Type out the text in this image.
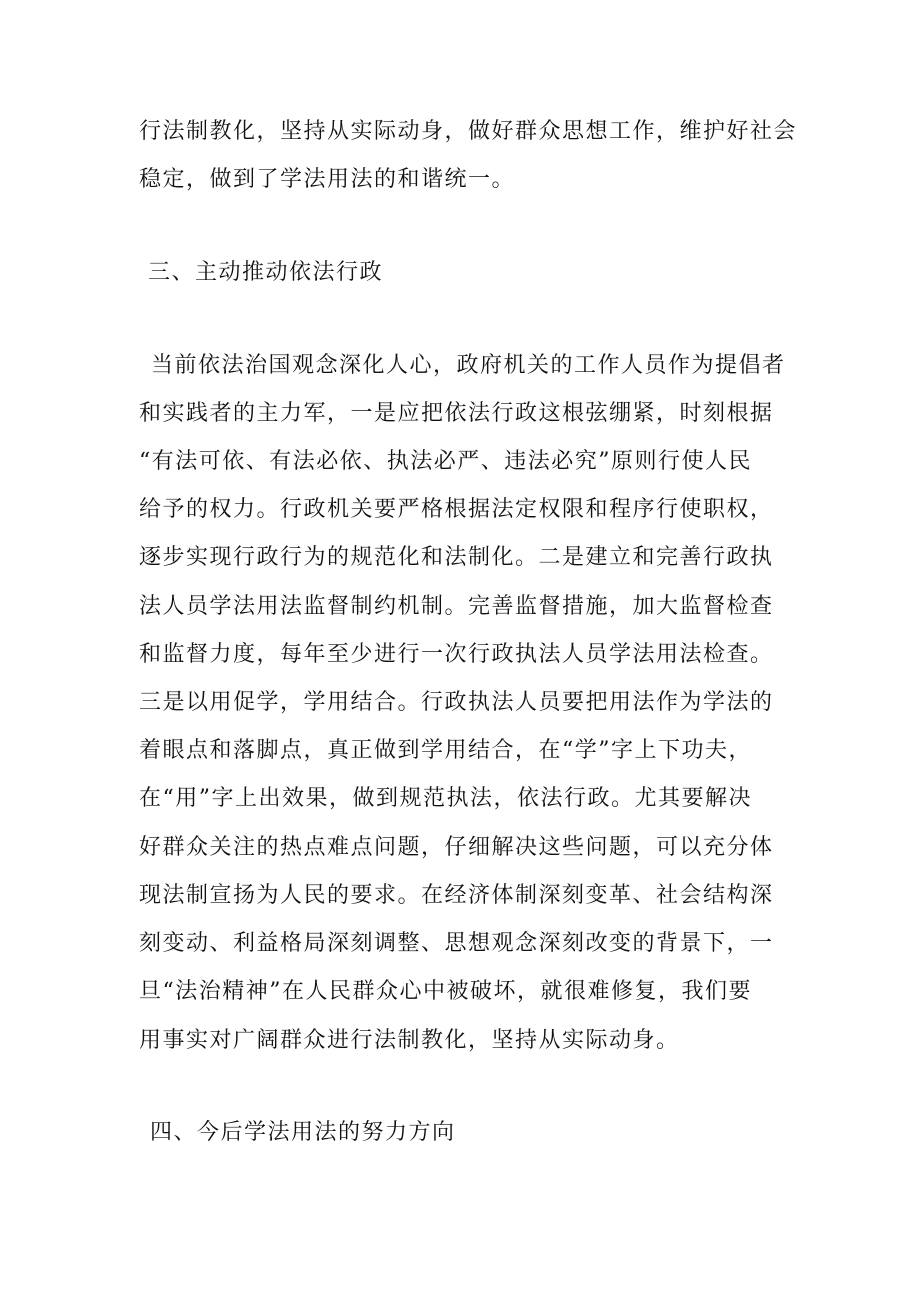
行法制教化，坚持从实际动身，做好群众思想工作，维护好社会
稳定，做到了学法用法的和谐统一。
三、主动推动依法行政
当前依法治国观念深化人心，政府机关的工作人员作为提倡者
和实践者的主力军，一是应把依法行政这根弦绷紧，时刻根据
“有法可依、有法必依、执法必严、违法必究”原则行使人民
给予的权力。行政机关要严格根据法定权限和程序行使职权，
逐步实现行政行为的规范化和法制化。二是建立和完善行政执
法人员学法用法监督制约机制。完善监督措施，加大监督检查
和监督力度，每年至少进行一次行政执法人员学法用法检查。
三是以用促学，学用结合。行政执法人员要把用法作为学法的
着眼点和落脚点，真正做到学用结合，在“学”字上下功夫，
在“用”字上出效果，做到规范执法，依法行政。尤其要解决
好群众关注的热点难点问题，仔细解决这些问题，可以充分体
现法制宣扬为人民的要求。在经济体制深刻变革、社会结构深
刻变动、利益格局深刻调整、思想观念深刻改变的背景下，一
旦“法治精神”在人民群众心中被破坏，就很难修复，我们要
用事实对广阔群众进行法制教化，坚持从实际动身。
四、今后学法用法的努力方向
